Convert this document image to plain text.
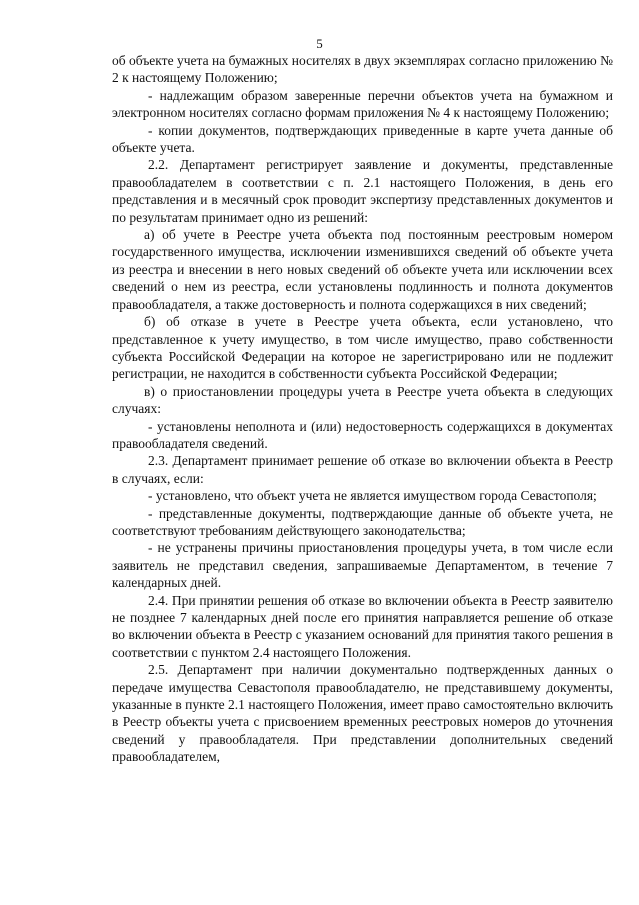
5

об объекте учета на бумажных носителях в двух экземплярах согласно приложению № 2 к настоящему Положению;

- надлежащим образом заверенные перечни объектов учета на бумажном и электронном носителях согласно формам приложения № 4 к настоящему Положению;

- копии документов, подтверждающих приведенные в карте учета данные об объекте учета.

2.2. Департамент регистрирует заявление и документы, представленные правообладателем в соответствии с п. 2.1 настоящего Положения, в день его представления и в месячный срок проводит экспертизу представленных документов и по результатам принимает одно из решений:

а) об учете в Реестре учета объекта под постоянным реестровым номером государственного имущества, исключении изменившихся сведений об объекте учета из реестра и внесении в него новых сведений об объекте учета или исключении всех сведений о нем из реестра, если установлены подлинность и полнота документов правообладателя, а также достоверность и полнота содержащихся в них сведений;

б) об отказе в учете в Реестре учета объекта, если установлено, что представленное к учету имущество, в том числе имущество, право собственности субъекта Российской Федерации на которое не зарегистрировано или не подлежит регистрации, не находится в собственности субъекта Российской Федерации;

в) о приостановлении процедуры учета в Реестре учета объекта в следующих случаях:

- установлены неполнота и (или) недостоверность содержащихся в документах правообладателя сведений.

2.3. Департамент принимает решение об отказе во включении объекта в Реестр в случаях, если:

- установлено, что объект учета не является имуществом города Севастополя;

- представленные документы, подтверждающие данные об объекте учета, не соответствуют требованиям действующего законодательства;

- не устранены причины приостановления процедуры учета, в том числе если заявитель не представил сведения, запрашиваемые Департаментом, в течение 7 календарных дней.

2.4. При принятии решения об отказе во включении объекта в Реестр заявителю не позднее 7 календарных дней после его принятия направляется решение об отказе во включении объекта в Реестр с указанием оснований для принятия такого решения в соответствии с пунктом 2.4 настоящего Положения.

2.5. Департамент при наличии документально подтвержденных данных о передаче имущества Севастополя правообладателю, не представившему документы, указанные в пункте 2.1 настоящего Положения, имеет право самостоятельно включить в Реестр объекты учета с присвоением временных реестровых номеров до уточнения сведений у правообладателя. При представлении дополнительных сведений правообладателем,
